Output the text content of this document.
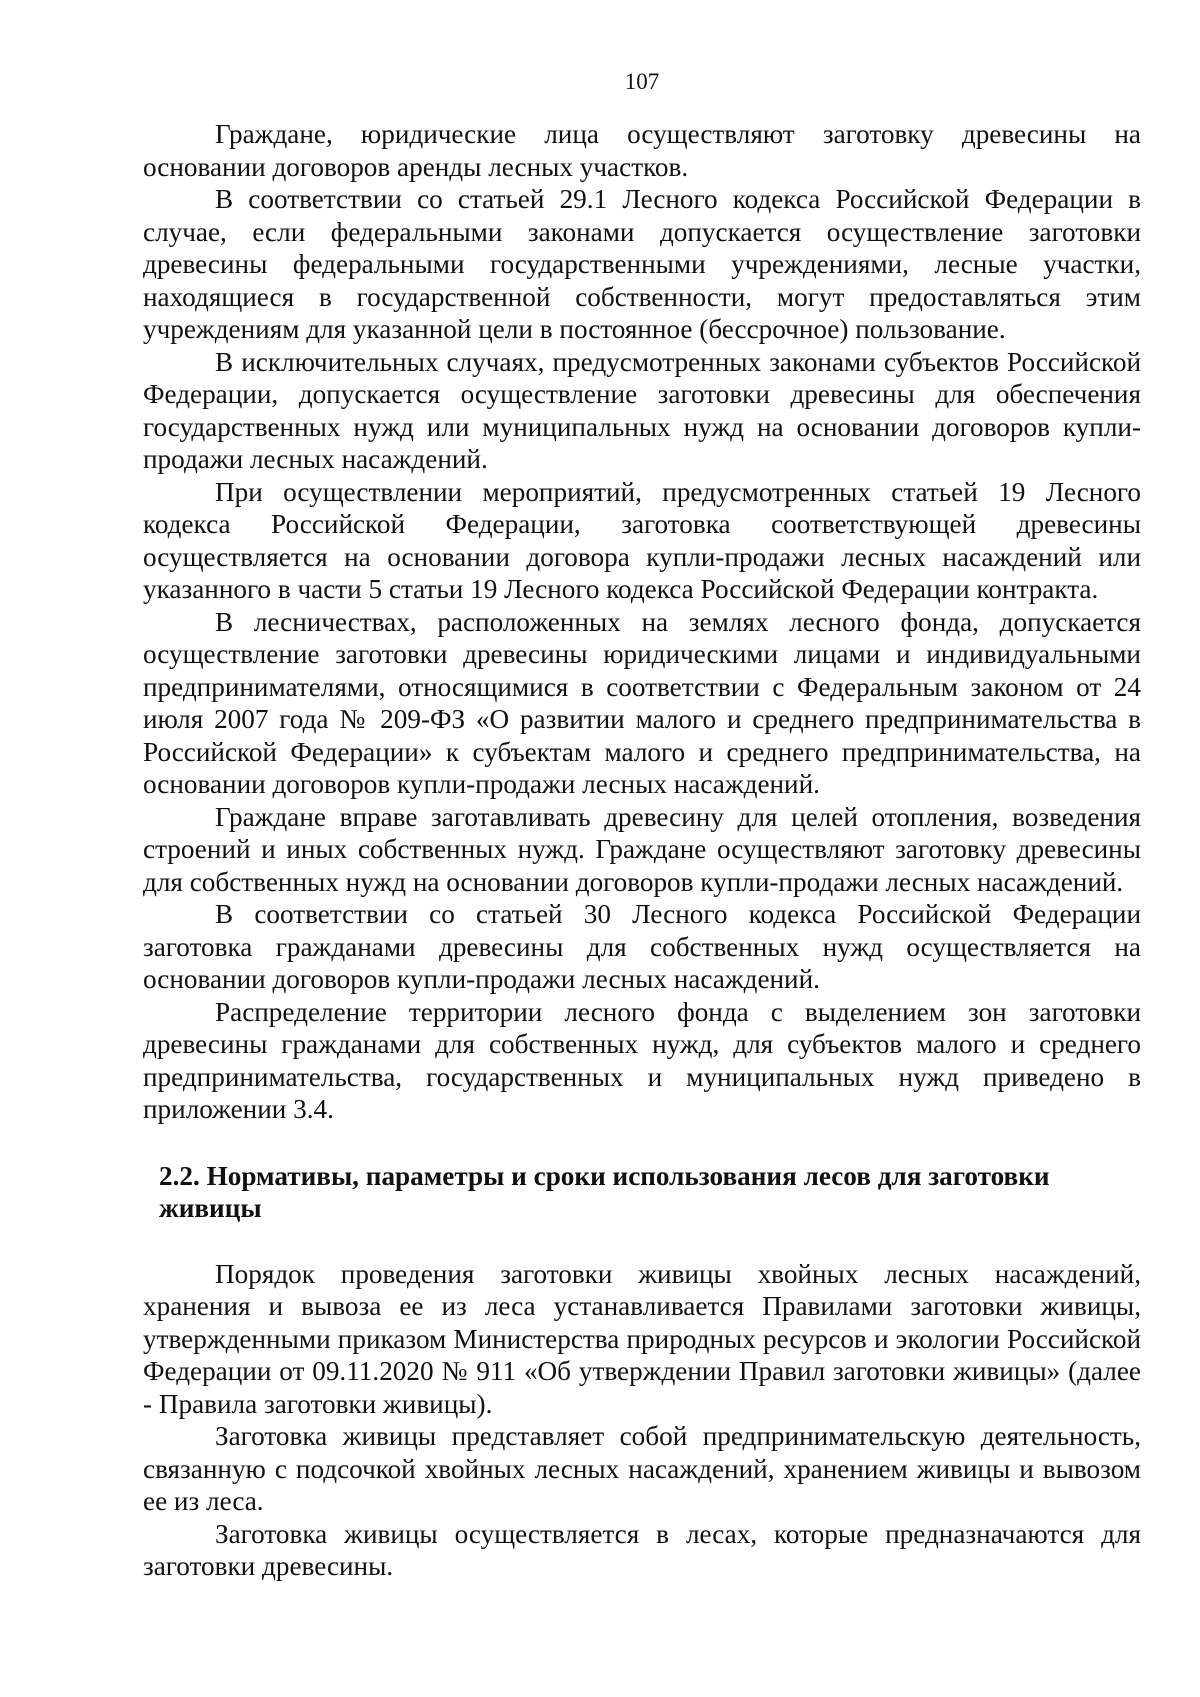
107

Граждане, юридические лица осуществляют заготовку древесины на основании договоров аренды лесных участков.

В соответствии со статьей 29.1 Лесного кодекса Российской Федерации в случае, если федеральными законами допускается осуществление заготовки древесины федеральными государственными учреждениями, лесные участки, находящиеся в государственной собственности, могут предоставляться этим учреждениям для указанной цели в постоянное (бессрочное) пользование.

В исключительных случаях, предусмотренных законами субъектов Российской Федерации, допускается осуществление заготовки древесины для обеспечения государственных нужд или муниципальных нужд на основании договоров купли-продажи лесных насаждений.

При осуществлении мероприятий, предусмотренных статьей 19 Лесного кодекса Российской Федерации, заготовка соответствующей древесины осуществляется на основании договора купли-продажи лесных насаждений или указанного в части 5 статьи 19 Лесного кодекса Российской Федерации контракта.

В лесничествах, расположенных на землях лесного фонда, допускается осуществление заготовки древесины юридическими лицами и индивидуальными предпринимателями, относящимися в соответствии с Федеральным законом от 24 июля 2007 года № 209-ФЗ «О развитии малого и среднего предпринимательства в Российской Федерации» к субъектам малого и среднего предпринимательства, на основании договоров купли-продажи лесных насаждений.

Граждане вправе заготавливать древесину для целей отопления, возведения строений и иных собственных нужд. Граждане осуществляют заготовку древесины для собственных нужд на основании договоров купли-продажи лесных насаждений.

В соответствии со статьей 30 Лесного кодекса Российской Федерации заготовка гражданами древесины для собственных нужд осуществляется на основании договоров купли-продажи лесных насаждений.

Распределение территории лесного фонда с выделением зон заготовки древесины гражданами для собственных нужд, для субъектов малого и среднего предпринимательства, государственных и муниципальных нужд приведено в приложении 3.4.

2.2. Нормативы, параметры и сроки использования лесов для заготовки живицы

Порядок проведения заготовки живицы хвойных лесных насаждений, хранения и вывоза ее из леса устанавливается Правилами заготовки живицы, утвержденными приказом Министерства природных ресурсов и экологии Российской Федерации от 09.11.2020 № 911 «Об утверждении Правил заготовки живицы» (далее - Правила заготовки живицы).

Заготовка живицы представляет собой предпринимательскую деятельность, связанную с подсочкой хвойных лесных насаждений, хранением живицы и вывозом ее из леса.

Заготовка живицы осуществляется в лесах, которые предназначаются для заготовки древесины.
